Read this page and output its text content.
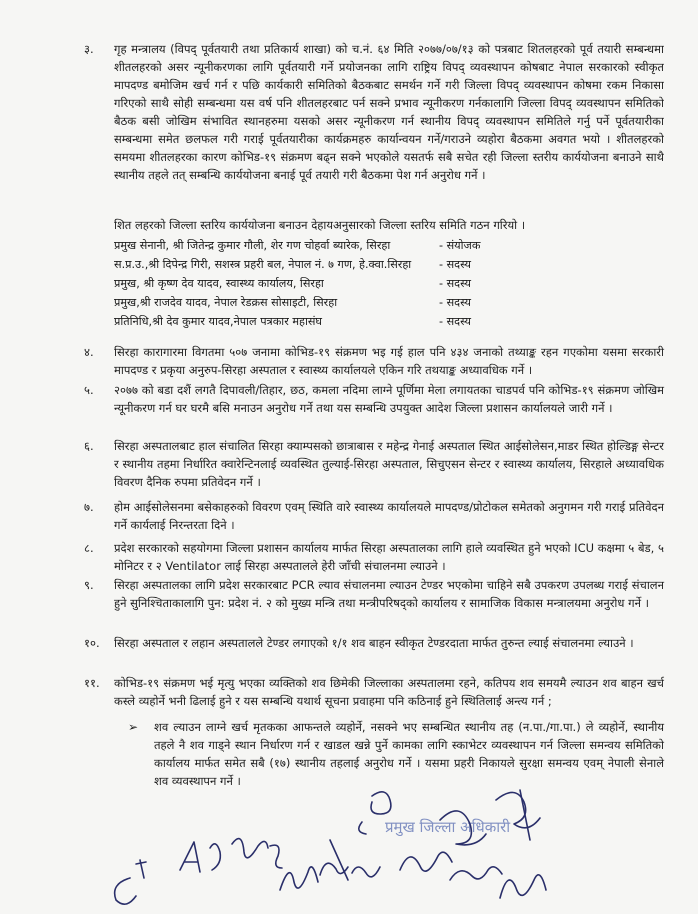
३.	गृह मन्त्रालय (विपद् पूर्वतयारी तथा प्रतिकार्य शाखा) को च.नं. ६४ मिति २०७७/०७/१३ को पत्रबाट शितलहरको पूर्व तयारी सम्बन्धमा शीतलहरको असर न्यूनीकरणका लागि पूर्वतयारी गर्ने प्रयोजनका लागि राष्ट्रिय विपद् व्यवस्थापन कोषबाट नेपाल सरकारको स्वीकृत मापदण्ड बमोजिम खर्च गर्न र पछि कार्यकारी समितिको बैठकबाट समर्थन गर्ने गरी जिल्ला विपद् व्यवस्थापन कोषमा रकम निकासा गरिएको साथै सोही सम्बन्धमा यस वर्ष पनि शीतलहरबाट पर्न सक्ने प्रभाव न्यूनीकरण गर्नकालागि जिल्ला विपद् व्यवस्थापन समितिको बैठक बसी जोखिम संभावित स्थानहरुमा यसको असर न्यूनीकरण गर्न स्थानीय विपद् व्यवस्थापन समितिले गर्नु पर्ने पूर्वतयारीका सम्बन्धमा समेत छलफल गरी गराई पूर्वतयारीका कार्यक्रमहरु कार्यान्वयन गर्ने/गराउने व्यहोरा बैठकमा अवगत भयो । शीतलहरको समयमा शीतलहरका कारण कोभिड-१९ संक्रमण बढ्न सक्ने भएकोले यसतर्फ सबै सचेत रही जिल्ला स्तरीय कार्ययोजना बनाउने साथै स्थानीय तहले तत् सम्बन्धि कार्ययोजना बनाई पूर्व तयारी गरी बैठकमा पेश गर्न अनुरोध गर्ने ।
शित लहरको जिल्ला स्तरिय कार्ययोजना बनाउन देहायअनुसारको जिल्ला स्तरिय समिति गठन गरियो ।
प्रमुख सेनानी, श्री जितेन्द्र कुमार गौली, शेर गण चोहर्वा ब्यारेक, सिरहा	- संयोजक
स.प्र.उ.,श्री दिपेन्द्र गिरी, सशस्त्र प्रहरी बल, नेपाल नं. ७ गण, हे.क्वा.सिरहा	- सदस्य
प्रमुख, श्री कृष्ण देव यादव, स्वास्थ्य कार्यालय, सिरहा	- सदस्य
प्रमुख,श्री राजदेव यादव, नेपाल रेडक्रस सोसाइटी, सिरहा	- सदस्य
प्रतिनिधि,श्री देव कुमार यादव,नेपाल पत्रकार महासंघ	- सदस्य
४.	सिरहा कारागारमा विगतमा ५०७ जनामा कोभिड-१९ संक्रमण भइ गई हाल पनि ४३४ जनाको तथ्याङ्क रहन गएकोमा यसमा सरकारी मापदण्ड र प्रकृया अनुरुप-सिरहा अस्पताल र स्वास्थ्य कार्यालयले एकिन गरि तथयाङ्क अध्यावधिक गर्ने ।
५.	२०७७ को बडा दशैं लगतै दिपावली/तिहार, छठ, कमला नदिमा लाग्ने पूर्णिमा मेला लगायतका चाडपर्व पनि कोभिड-१९ संक्रमण जोखिम न्यूनीकरण गर्न घर घरमै बसि मनाउन अनुरोध गर्ने तथा यस सम्बन्धि उपयुक्त आदेश जिल्ला प्रशासन कार्यालयले जारी गर्ने ।
६.	सिरहा अस्पतालबाट हाल संचालित सिरहा क्याम्पसको छात्राबास र महेन्द्र गेनाई अस्पताल स्थित आईसोलेसन,माडर स्थित होल्डिङ्ग सेन्टर र स्थानीय तहमा निर्धारित क्वारेन्टिनलाई व्यवस्थित तुल्याई-सिरहा अस्पताल, सिचुएसन सेन्टर र स्वास्थ्य कार्यालय, सिरहाले अध्यावधिक विवरण दैनिक रुपमा प्रतिवेदन गर्ने ।
७.	होम आईसोलेसनमा बसेकाहरुको विवरण एवम् स्थिति वारे स्वास्थ्य कार्यालयले मापदण्ड/प्रोटोकल समेतको अनुगमन गरी गराई प्रतिवेदन गर्ने कार्यलाई निरन्तरता दिने ।
८.	प्रदेश सरकारको सहयोगमा जिल्ला प्रशासन कार्यालय मार्फत सिरहा अस्पतालका लागि हाले व्यवस्थित हुने भएको ICU कक्षमा ५ बेड, ५ मोनिटर र २ Ventilator लाई सिरहा अस्पतालले हेरी जाँची संचालनमा ल्याउने ।
९.	सिरहा अस्पतालका लागि प्रदेश सरकारबाट PCR ल्याव संचालनमा ल्याउन टेण्डर भएकोमा चाहिने सबै उपकरण उपलब्ध गराई संचालन हुने सुनिश्चिताकालागि पुन: प्रदेश नं. २ को मुख्य मन्त्रि तथा मन्त्रीपरिषद्को कार्यालय र सामाजिक विकास मन्त्रालयमा अनुरोध गर्ने ।
१०.	सिरहा अस्पताल र लहान अस्पतालले टेण्डर लगाएको १/१ शव बाहन स्वीकृत टेण्डरदाता मार्फत तुरुन्त ल्याई संचालनमा ल्याउने ।
११.	कोभिड-१९ संक्रमण भई मृत्यु भएका व्यक्तिको शव छिमेकी जिल्लाका अस्पतालमा रहने, कतिपय शव समयमै ल्याउन शव बाहन खर्च कस्ले व्यहोर्ने भनी ढिलाई हुने र यस सम्बन्धि यथार्थ सूचना प्रवाहमा पनि कठिनाई हुने स्थितिलाई अन्त्य गर्न ;
➢ शव ल्याउन लाग्ने खर्च मृतकका आफन्तले व्यहोर्ने, नसक्ने भए सम्बन्धित स्थानीय तह (न.पा./गा.पा.) ले व्यहोर्ने, स्थानीय तहले नै शव गाड्ने स्थान निर्धारण गर्न र खाडल खन्ने पुर्ने कामका लागि स्काभेटर व्यवस्थापन गर्न जिल्ला समन्वय समितिको कार्यालय मार्फत समेत सबै (१७) स्थानीय तहलाई अनुरोध गर्ने । यसमा प्रहरी निकायले सुरक्षा समन्वय एवम् नेपाली सेनाले शव व्यवस्थापन गर्ने ।
प्रमुख जिल्ला अधिकारी
